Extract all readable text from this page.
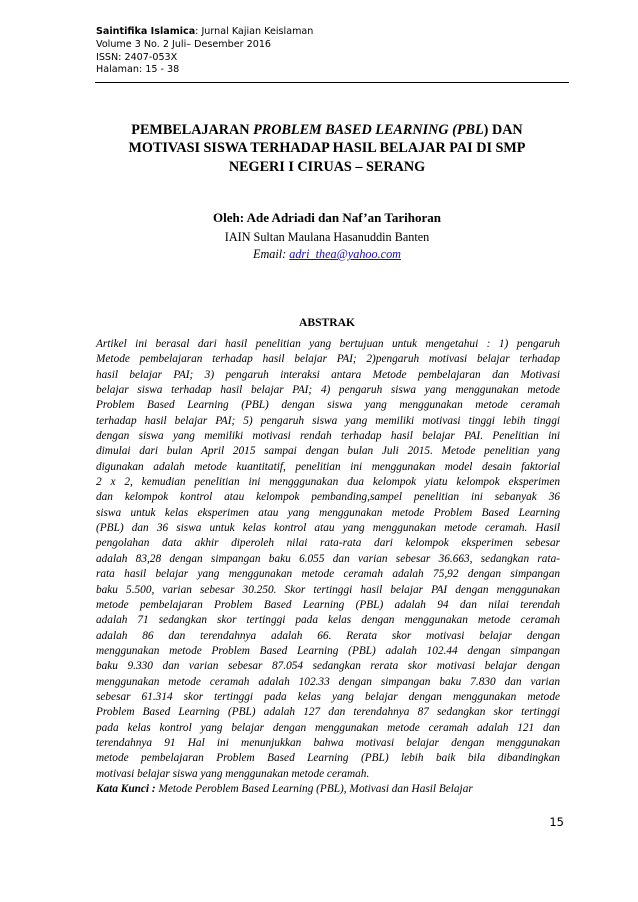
Saintifika Islamica: Jurnal Kajian Keislaman
Volume 3 No. 2 Juli– Desember 2016
ISSN: 2407-053X
Halaman: 15 - 38
PEMBELAJARAN PROBLEM BASED LEARNING (PBL) DAN
MOTIVASI SISWA TERHADAP HASIL BELAJAR PAI DI SMP
NEGERI I CIRUAS – SERANG
Oleh: Ade Adriadi dan Naf’an Tarihoran
IAIN Sultan Maulana Hasanuddin Banten
Email: adri_thea@yahoo.com
ABSTRAK
Artikel ini berasal dari hasil penelitian yang bertujuan untuk mengetahui : 1) pengaruh
Metode pembelajaran terhadap hasil belajar PAI; 2)pengaruh motivasi belajar terhadap
hasil belajar PAI; 3) pengaruh interaksi antara Metode pembelajaran dan Motivasi
belajar siswa terhadap hasil belajar PAI; 4) pengaruh siswa yang menggunakan metode
Problem Based Learning (PBL) dengan siswa yang menggunakan metode ceramah
terhadap hasil belajar PAI; 5) pengaruh siswa yang memiliki motivasi tinggi lebih tinggi
dengan siswa yang memiliki motivasi rendah terhadap hasil belajar PAI. Penelitian ini
dimulai dari bulan April 2015 sampai dengan bulan Juli 2015. Metode penelitian yang
digunakan adalah metode kuantitatif, penelitian ini menggunakan model desain faktorial
2 x 2, kemudian penelitian ini mengggunakan dua kelompok yiatu kelompok eksperimen
dan kelompok kontrol atau kelompok pembanding,sampel penelitian ini sebanyak 36
siswa untuk kelas eksperimen atau yang menggunakan metode Problem Based Learning
(PBL) dan 36 siswa untuk kelas kontrol atau yang menggunakan metode ceramah. Hasil
pengolahan data akhir diperoleh nilai rata-rata dari kelompok eksperimen sebesar
adalah 83,28 dengan simpangan baku 6.055 dan varian sebesar 36.663, sedangkan rata-
rata hasil belajar yang menggunakan metode ceramah adalah 75,92 dengan simpangan
baku 5.500, varian sebesar 30.250. Skor tertinggi hasil belajar PAI dengan menggunakan
metode pembelajaran Problem Based Learning (PBL) adalah 94 dan nilai terendah
adalah 71 sedangkan skor tertinggi pada kelas dengan menggunakan metode ceramah
adalah 86 dan terendahnya adalah 66. Rerata skor motivasi belajar dengan
menggunakan metode Problem Based Learning (PBL) adalah 102.44 dengan simpangan
baku 9.330 dan varian sebesar 87.054 sedangkan rerata skor motivasi belajar dengan
menggunakan metode ceramah adalah 102.33 dengan simpangan baku 7.830 dan varian
sebesar 61.314 skor tertinggi pada kelas yang belajar dengan menggunakan metode
Problem Based Learning (PBL) adalah 127 dan terendahnya 87 sedangkan skor tertinggi
pada kelas kontrol yang belajar dengan menggunakan metode ceramah adalah 121 dan
terendahnya 91 Hal ini menunjukkan bahwa motivasi belajar dengan menggunakan
metode pembelajaran Problem Based Learning (PBL) lebih baik bila dibandingkan
motivasi belajar siswa yang menggunakan metode ceramah.
Kata Kunci : Metode Peroblem Based Learning (PBL), Motivasi dan Hasil Belajar
15
